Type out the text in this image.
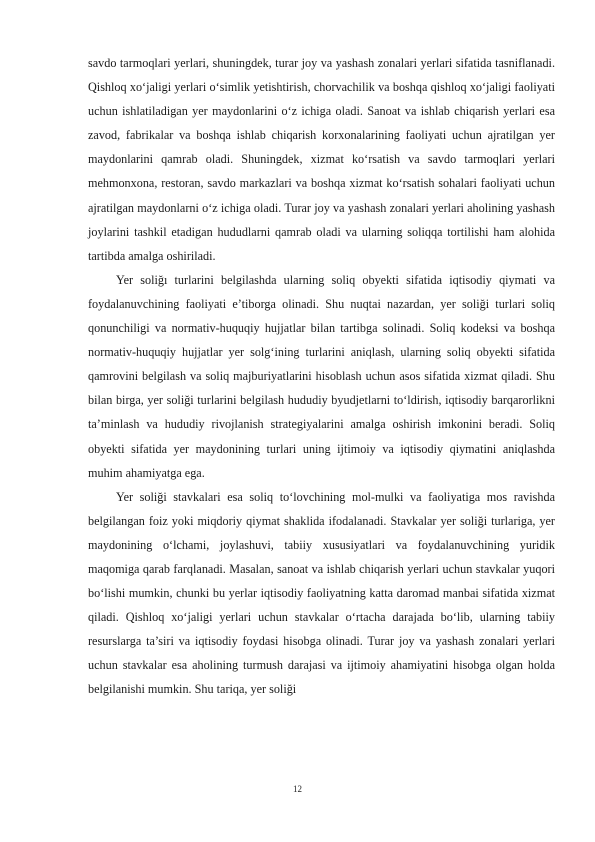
savdo tarmoqlari yerlari, shuningdek, turar joy va yashash zonalari yerlari sifatida tasniflanadi. Qishloq xo‘jaligi yerlari o‘simlik yetishtirish, chorvachilik va boshqa qishloq xo‘jaligi faoliyati uchun ishlatiladigan yer maydonlarini o‘z ichiga oladi. Sanoat va ishlab chiqarish yerlari esa zavod, fabrikalar va boshqa ishlab chiqarish korxonalarining faoliyati uchun ajratilgan yer maydonlarini qamrab oladi. Shuningdek, xizmat ko‘rsatish va savdo tarmoqlari yerlari mehmonxona, restoran, savdo markazlari va boshqa xizmat ko‘rsatish sohalari faoliyati uchun ajratilgan maydonlarni o‘z ichiga oladi. Turar joy va yashash zonalari yerlari aholining yashash joylarini tashkil etadigan hududlarni qamrab oladi va ularning soliqqa tortilishi ham alohida tartibda amalga oshiriladi.

Yer soliğı turlarini belgilashda ularning soliq obyekti sifatida iqtisodiy qiymati va foydalanuvchining faoliyati e’tiborga olinadi. Shu nuqtai nazardan, yer soliği turlari soliq qonunchiligi va normativ-huquqiy hujjatlar bilan tartibga solinadi. Soliq kodeksi va boshqa normativ-huquqiy hujjatlar yer solg‘ining turlarini aniqlash, ularning soliq obyekti sifatida qamrovini belgilash va soliq majburiyatlarini hisoblash uchun asos sifatida xizmat qiladi. Shu bilan birga, yer soliği turlarini belgilash hududiy byudjetlarni to‘ldirish, iqtisodiy barqarorlikni ta’minlash va hududiy rivojlanish strategiyalarini amalga oshirish imkonini beradi. Soliq obyekti sifatida yer maydonining turlari uning ijtimoiy va iqtisodiy qiymatini aniqlashda muhim ahamiyatga ega.

Yer soliği stavkalari esa soliq to‘lovchining mol-mulki va faoliyatiga mos ravishda belgilangan foiz yoki miqdoriy qiymat shaklida ifodalanadi. Stavkalar yer soliği turlariga, yer maydonining o‘lchami, joylashuvi, tabiiy xususiyatlari va foydalanuvchining yuridik maqomiga qarab farqlanadi. Masalan, sanoat va ishlab chiqarish yerlari uchun stavkalar yuqori bo‘lishi mumkin, chunki bu yerlar iqtisodiy faoliyatning katta daromad manbai sifatida xizmat qiladi. Qishloq xo‘jaligi yerlari uchun stavkalar o‘rtacha darajada bo‘lib, ularning tabiiy resurslarga ta’siri va iqtisodiy foydasi hisobga olinadi. Turar joy va yashash zonalari yerlari uchun stavkalar esa aholining turmush darajasi va ijtimoiy ahamiyatini hisobga olgan holda belgilanishi mumkin. Shu tariqa, yer soliği

12
